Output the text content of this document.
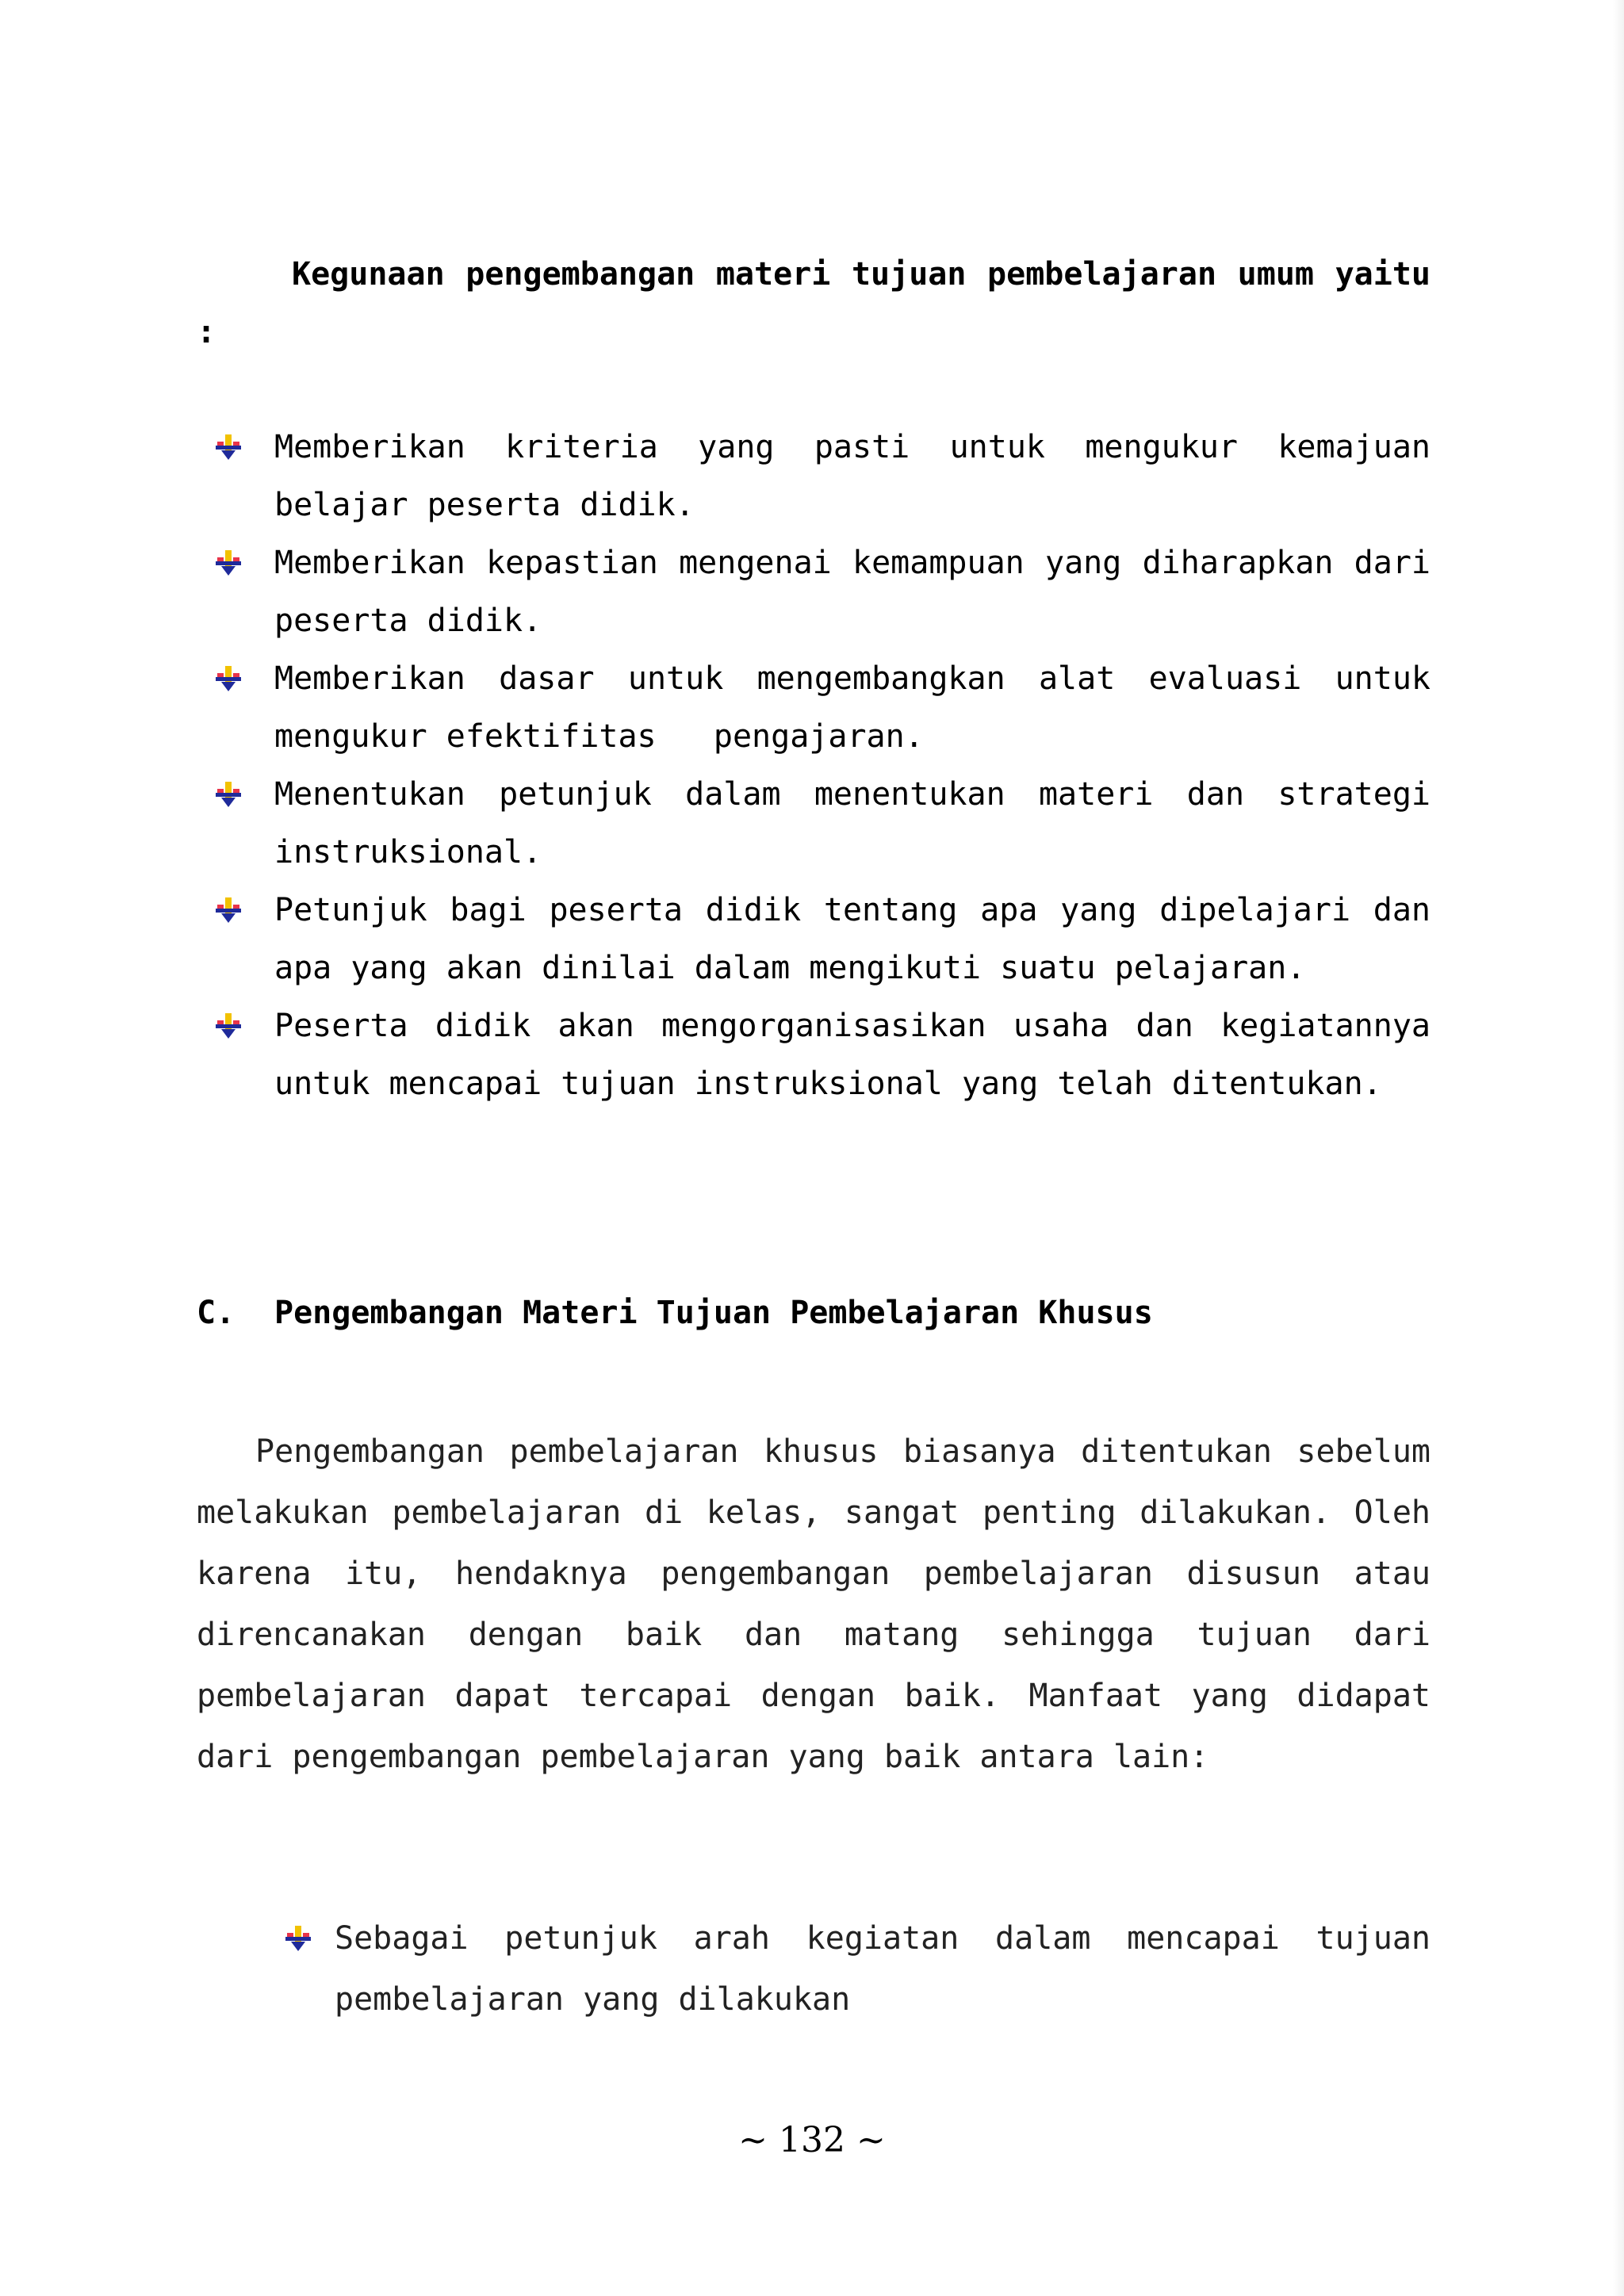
Kegunaan pengembangan materi tujuan pembelajaran umum yaitu :
Memberikan kriteria yang pasti untuk mengukur kemajuan belajar peserta didik.
Memberikan kepastian mengenai kemampuan yang diharapkan dari peserta didik.
Memberikan dasar untuk mengembangkan alat evaluasi untuk mengukur efektifitas   pengajaran.
Menentukan petunjuk dalam menentukan materi dan strategi instruksional.
Petunjuk bagi peserta didik tentang apa yang dipelajari dan apa yang akan dinilai dalam mengikuti suatu pelajaran.
Peserta didik akan mengorganisasikan usaha dan kegiatannya untuk mencapai tujuan instruksional yang telah ditentukan.
C. Pengembangan Materi Tujuan Pembelajaran Khusus
Pengembangan pembelajaran khusus biasanya ditentukan sebelum melakukan pembelajaran di kelas, sangat penting dilakukan. Oleh karena itu, hendaknya pengembangan pembelajaran disusun atau direncanakan dengan baik dan matang sehingga tujuan dari pembelajaran dapat tercapai dengan baik. Manfaat yang didapat dari pengembangan pembelajaran yang baik antara lain:
Sebagai petunjuk arah kegiatan dalam mencapai tujuan pembelajaran yang dilakukan
~ 132 ~
